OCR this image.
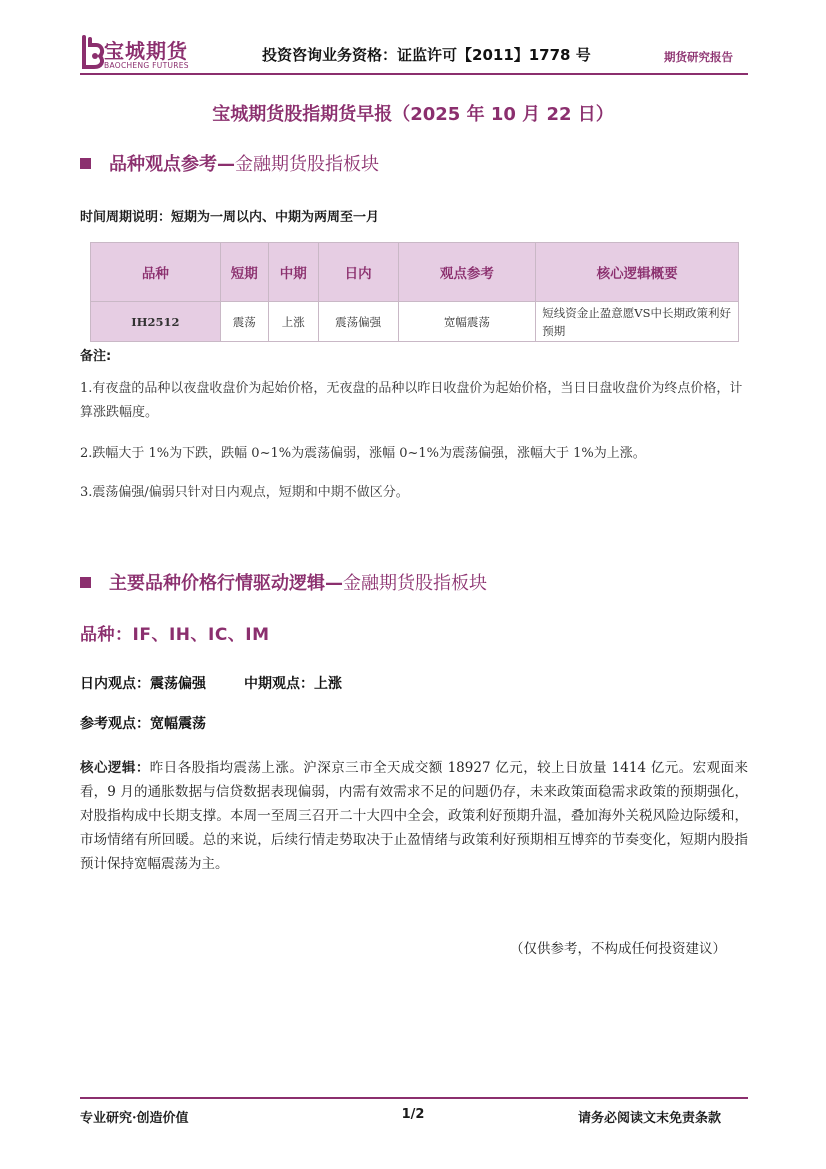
宝城期货
BAOCHENG FUTURES
投资咨询业务资格：证监许可【2011】1778 号	期货研究报告
宝城期货股指期货早报（2025 年 10 月 22 日）
品种观点参考— 金融期货股指板块
时间周期说明：短期为一周以内、中期为两周至一月
品种	短期	中期	日内	观点参考	核心逻辑概要
IH2512	震荡	上涨	震荡偏强	宽幅震荡	短线资金止盈意愿VS中长期政策利好预期
备注:
1.有夜盘的品种以夜盘收盘价为起始价格，无夜盘的品种以昨日收盘价为起始价格，当日日盘收盘价为终点价格，计算涨跌幅度。
2.跌幅大于 1%为下跌，跌幅 0~1%为震荡偏弱，涨幅 0~1%为震荡偏强，涨幅大于 1%为上涨。
3.震荡偏强/偏弱只针对日内观点，短期和中期不做区分。
主要品种价格行情驱动逻辑— 金融期货股指板块
品种：IF、IH、IC、IM
日内观点：震荡偏强	中期观点：上涨
参考观点：宽幅震荡
核心逻辑：昨日各股指均震荡上涨。沪深京三市全天成交额 18927 亿元，较上日放量 1414 亿元。宏观面来看，9 月的通胀数据与信贷数据表现偏弱，内需有效需求不足的问题仍存，未来政策面稳需求政策的预期强化，对股指构成中长期支撑。本周一至周三召开二十大四中全会，政策利好预期升温，叠加海外关税风险边际缓和，市场情绪有所回暖。总的来说，后续行情走势取决于止盈情绪与政策利好预期相互博弈的节奏变化，短期内股指预计保持宽幅震荡为主。
（仅供参考，不构成任何投资建议）
专业研究·创造价值	1/2	请务必阅读文末免责条款
